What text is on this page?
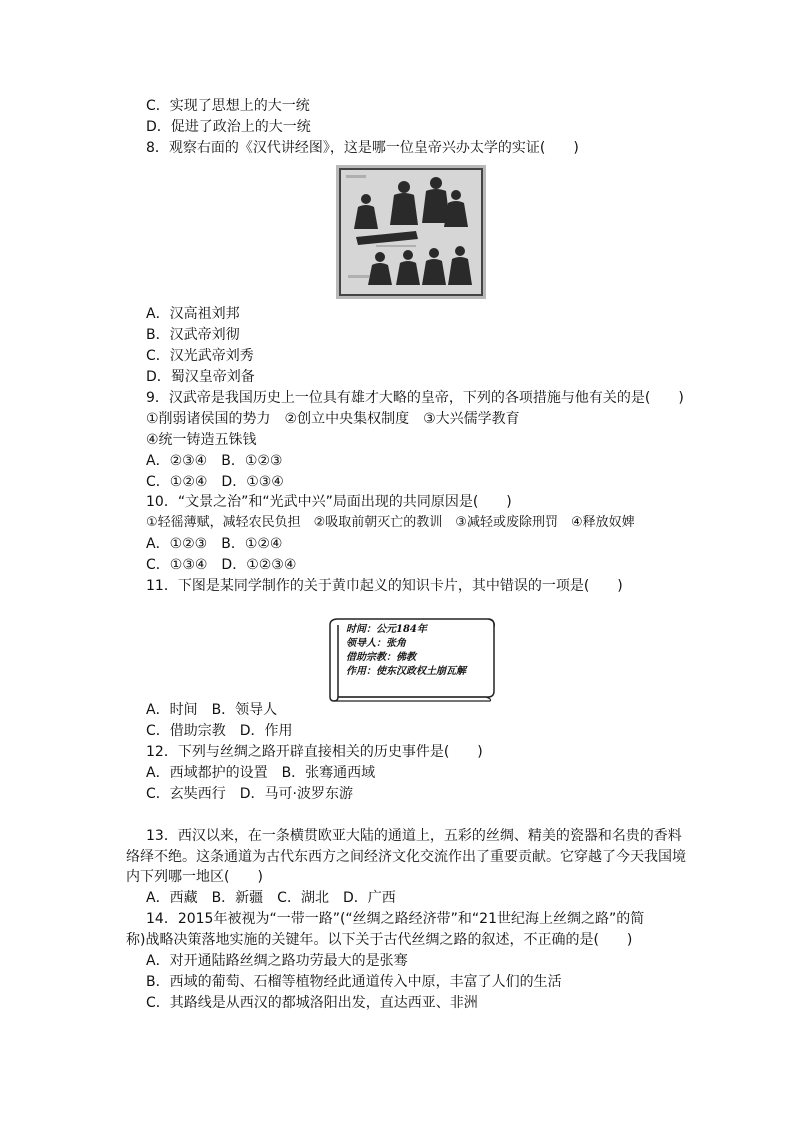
C．实现了思想上的大一统
D．促进了政治上的大一统
8．观察右面的《汉代讲经图》，这是哪一位皇帝兴办太学的实证(　　)
A．汉高祖刘邦
B．汉武帝刘彻
C．汉光武帝刘秀
D．蜀汉皇帝刘备
9．汉武帝是我国历史上一位具有雄才大略的皇帝，下列的各项措施与他有关的是(　　)
①削弱诸侯国的势力　②创立中央集权制度　③大兴儒学教育
④统一铸造五铢钱
A．②③④　B．①②③
C．①②④　D．①③④
10．“文景之治”和“光武中兴”局面出现的共同原因是(　　)
①轻徭薄赋，减轻农民负担　②吸取前朝灭亡的教训　③减轻或废除刑罚　④释放奴婢
A．①②③　B．①②④
C．①③④　D．①②③④
11．下图是某同学制作的关于黄巾起义的知识卡片，其中错误的一项是(　　)
时间：公元184年
领导人：张角
借助宗教：佛教
作用：使东汉政权土崩瓦解
A．时间　B．领导人
C．借助宗教　D．作用
12．下列与丝绸之路开辟直接相关的历史事件是(　　)
A．西域都护的设置　B．张骞通西域
C．玄奘西行　D．马可·波罗东游
13．西汉以来，在一条横贯欧亚大陆的通道上，五彩的丝绸、精美的瓷器和名贵的香料
络绎不绝。这条通道为古代东西方之间经济文化交流作出了重要贡献。它穿越了今天我国境
内下列哪一地区(　　)
A．西藏　B．新疆　C．湖北　D．广西
14．2015年被视为“一带一路”(“丝绸之路经济带”和“21世纪海上丝绸之路”的简
称)战略决策落地实施的关键年。以下关于古代丝绸之路的叙述，不正确的是(　　)
A．对开通陆路丝绸之路功劳最大的是张骞
B．西域的葡萄、石榴等植物经此通道传入中原，丰富了人们的生活
C．其路线是从西汉的都城洛阳出发，直达西亚、非洲
